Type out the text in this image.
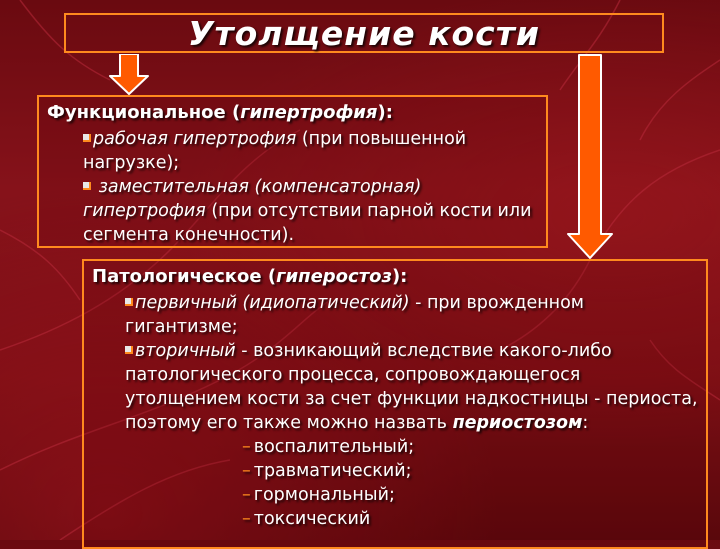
Утолщение кости
Функциональное (гипертрофия):
рабочая гипертрофия (при повышенной нагрузке);
заместительная (компенсаторная) гипертрофия (при отсутствии парной кости или сегмента конечности).
Патологическое (гиперостоз):
первичный (идиопатический) - при врожденном гигантизме;
вторичный - возникающий вследствие какого-либо патологического процесса, сопровождающегося утолщением кости за счет функции надкостницы - периоста, поэтому его также можно назвать периостозом:
– воспалительный;
– травматический;
– гормональный;
– токсический
